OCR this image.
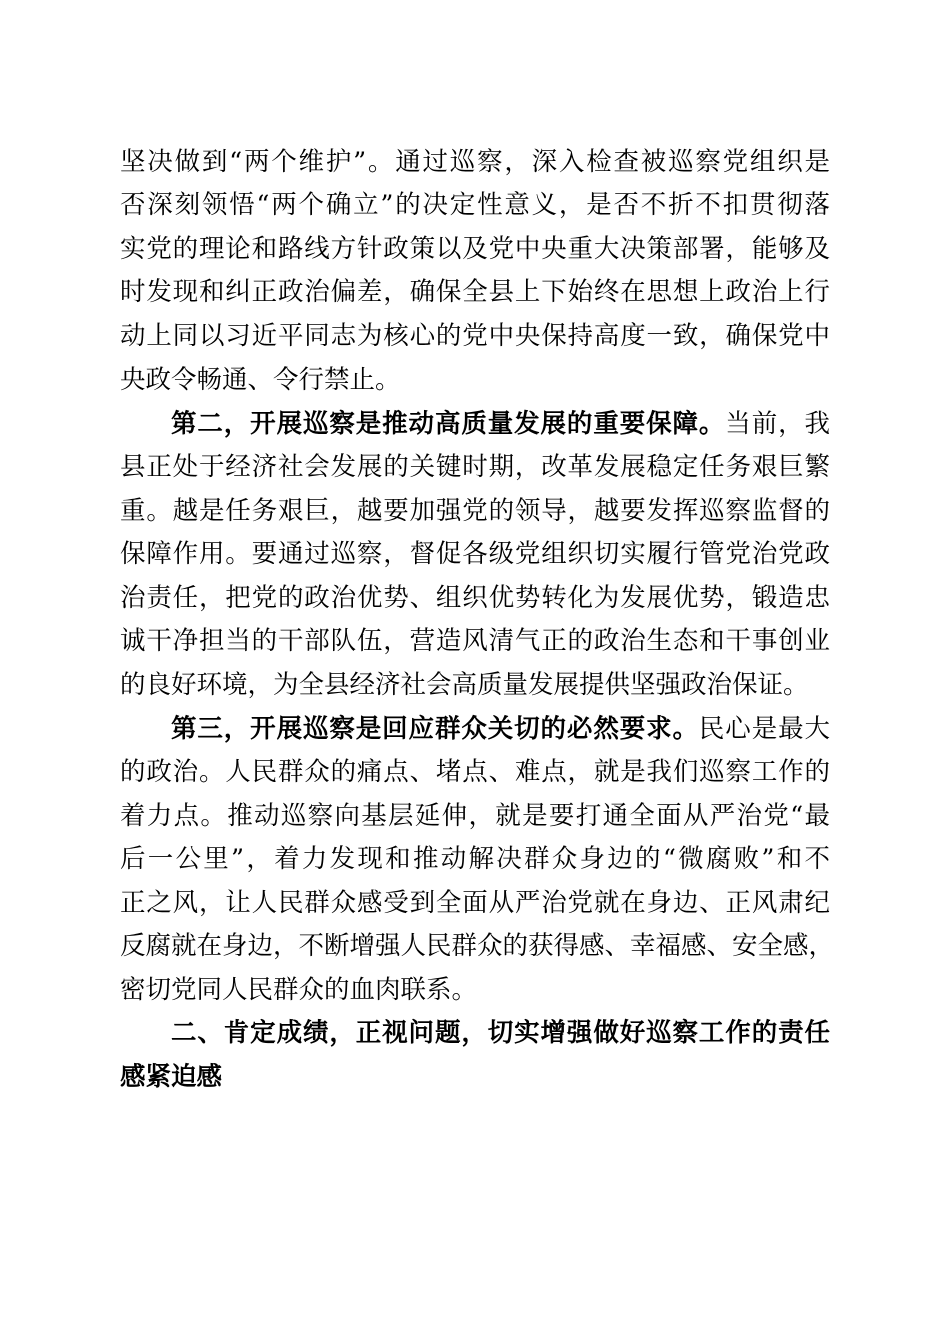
坚决做到“两个维护”。通过巡察，深入检查被巡察党组织是
否深刻领悟“两个确立”的决定性意义，是否不折不扣贯彻落
实党的理论和路线方针政策以及党中央重大决策部署，能够及
时发现和纠正政治偏差，确保全县上下始终在思想上政治上行
动上同以习近平同志为核心的党中央保持高度一致，确保党中
央政令畅通、令行禁止。
第二，开展巡察是推动高质量发展的重要保障。当前，我
县正处于经济社会发展的关键时期，改革发展稳定任务艰巨繁
重。越是任务艰巨，越要加强党的领导，越要发挥巡察监督的
保障作用。要通过巡察，督促各级党组织切实履行管党治党政
治责任，把党的政治优势、组织优势转化为发展优势，锻造忠
诚干净担当的干部队伍，营造风清气正的政治生态和干事创业
的良好环境，为全县经济社会高质量发展提供坚强政治保证。
第三，开展巡察是回应群众关切的必然要求。民心是最大
的政治。人民群众的痛点、堵点、难点，就是我们巡察工作的
着力点。推动巡察向基层延伸，就是要打通全面从严治党“最
后一公里”，着力发现和推动解决群众身边的“微腐败”和不
正之风，让人民群众感受到全面从严治党就在身边、正风肃纪
反腐就在身边，不断增强人民群众的获得感、幸福感、安全感，
密切党同人民群众的血肉联系。
二、肯定成绩，正视问题，切实增强做好巡察工作的责任
感紧迫感
